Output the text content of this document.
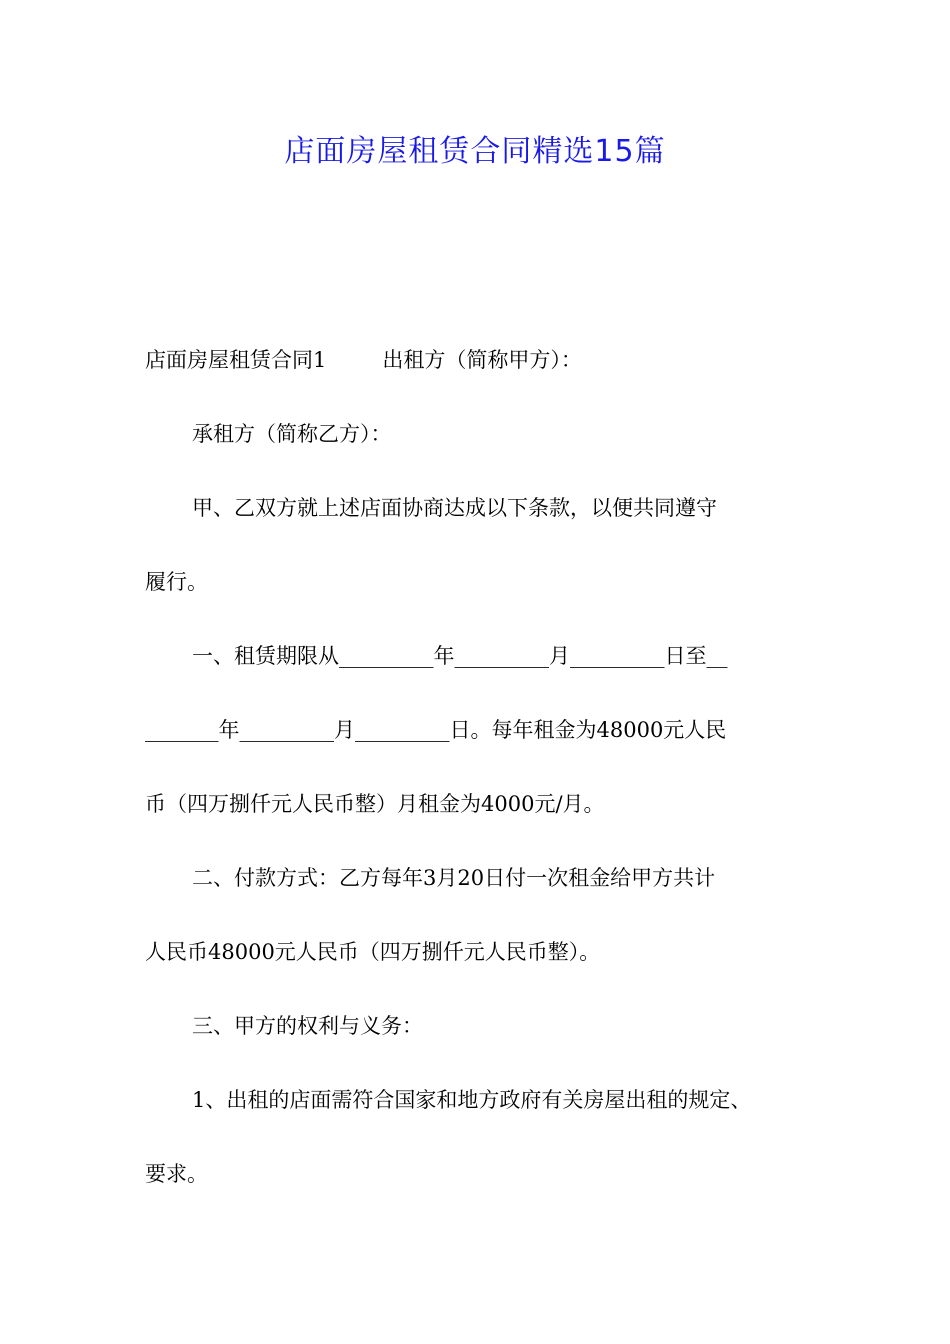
店面房屋租赁合同精选15篇
店面房屋租赁合同1	出租方（简称甲方）：
承租方（简称乙方）：
甲、乙双方就上述店面协商达成以下条款，以便共同遵守
履行。
一、租赁期限从_________年_________月_________日至__
_______年_________月_________日。每年租金为48000元人民
币（四万捌仟元人民币整）月租金为4000元/月。
二、付款方式：乙方每年3月20日付一次租金给甲方共计
人民币48000元人民币（四万捌仟元人民币整）。
三、甲方的权利与义务：
1、出租的店面需符合国家和地方政府有关房屋出租的规定、
要求。
